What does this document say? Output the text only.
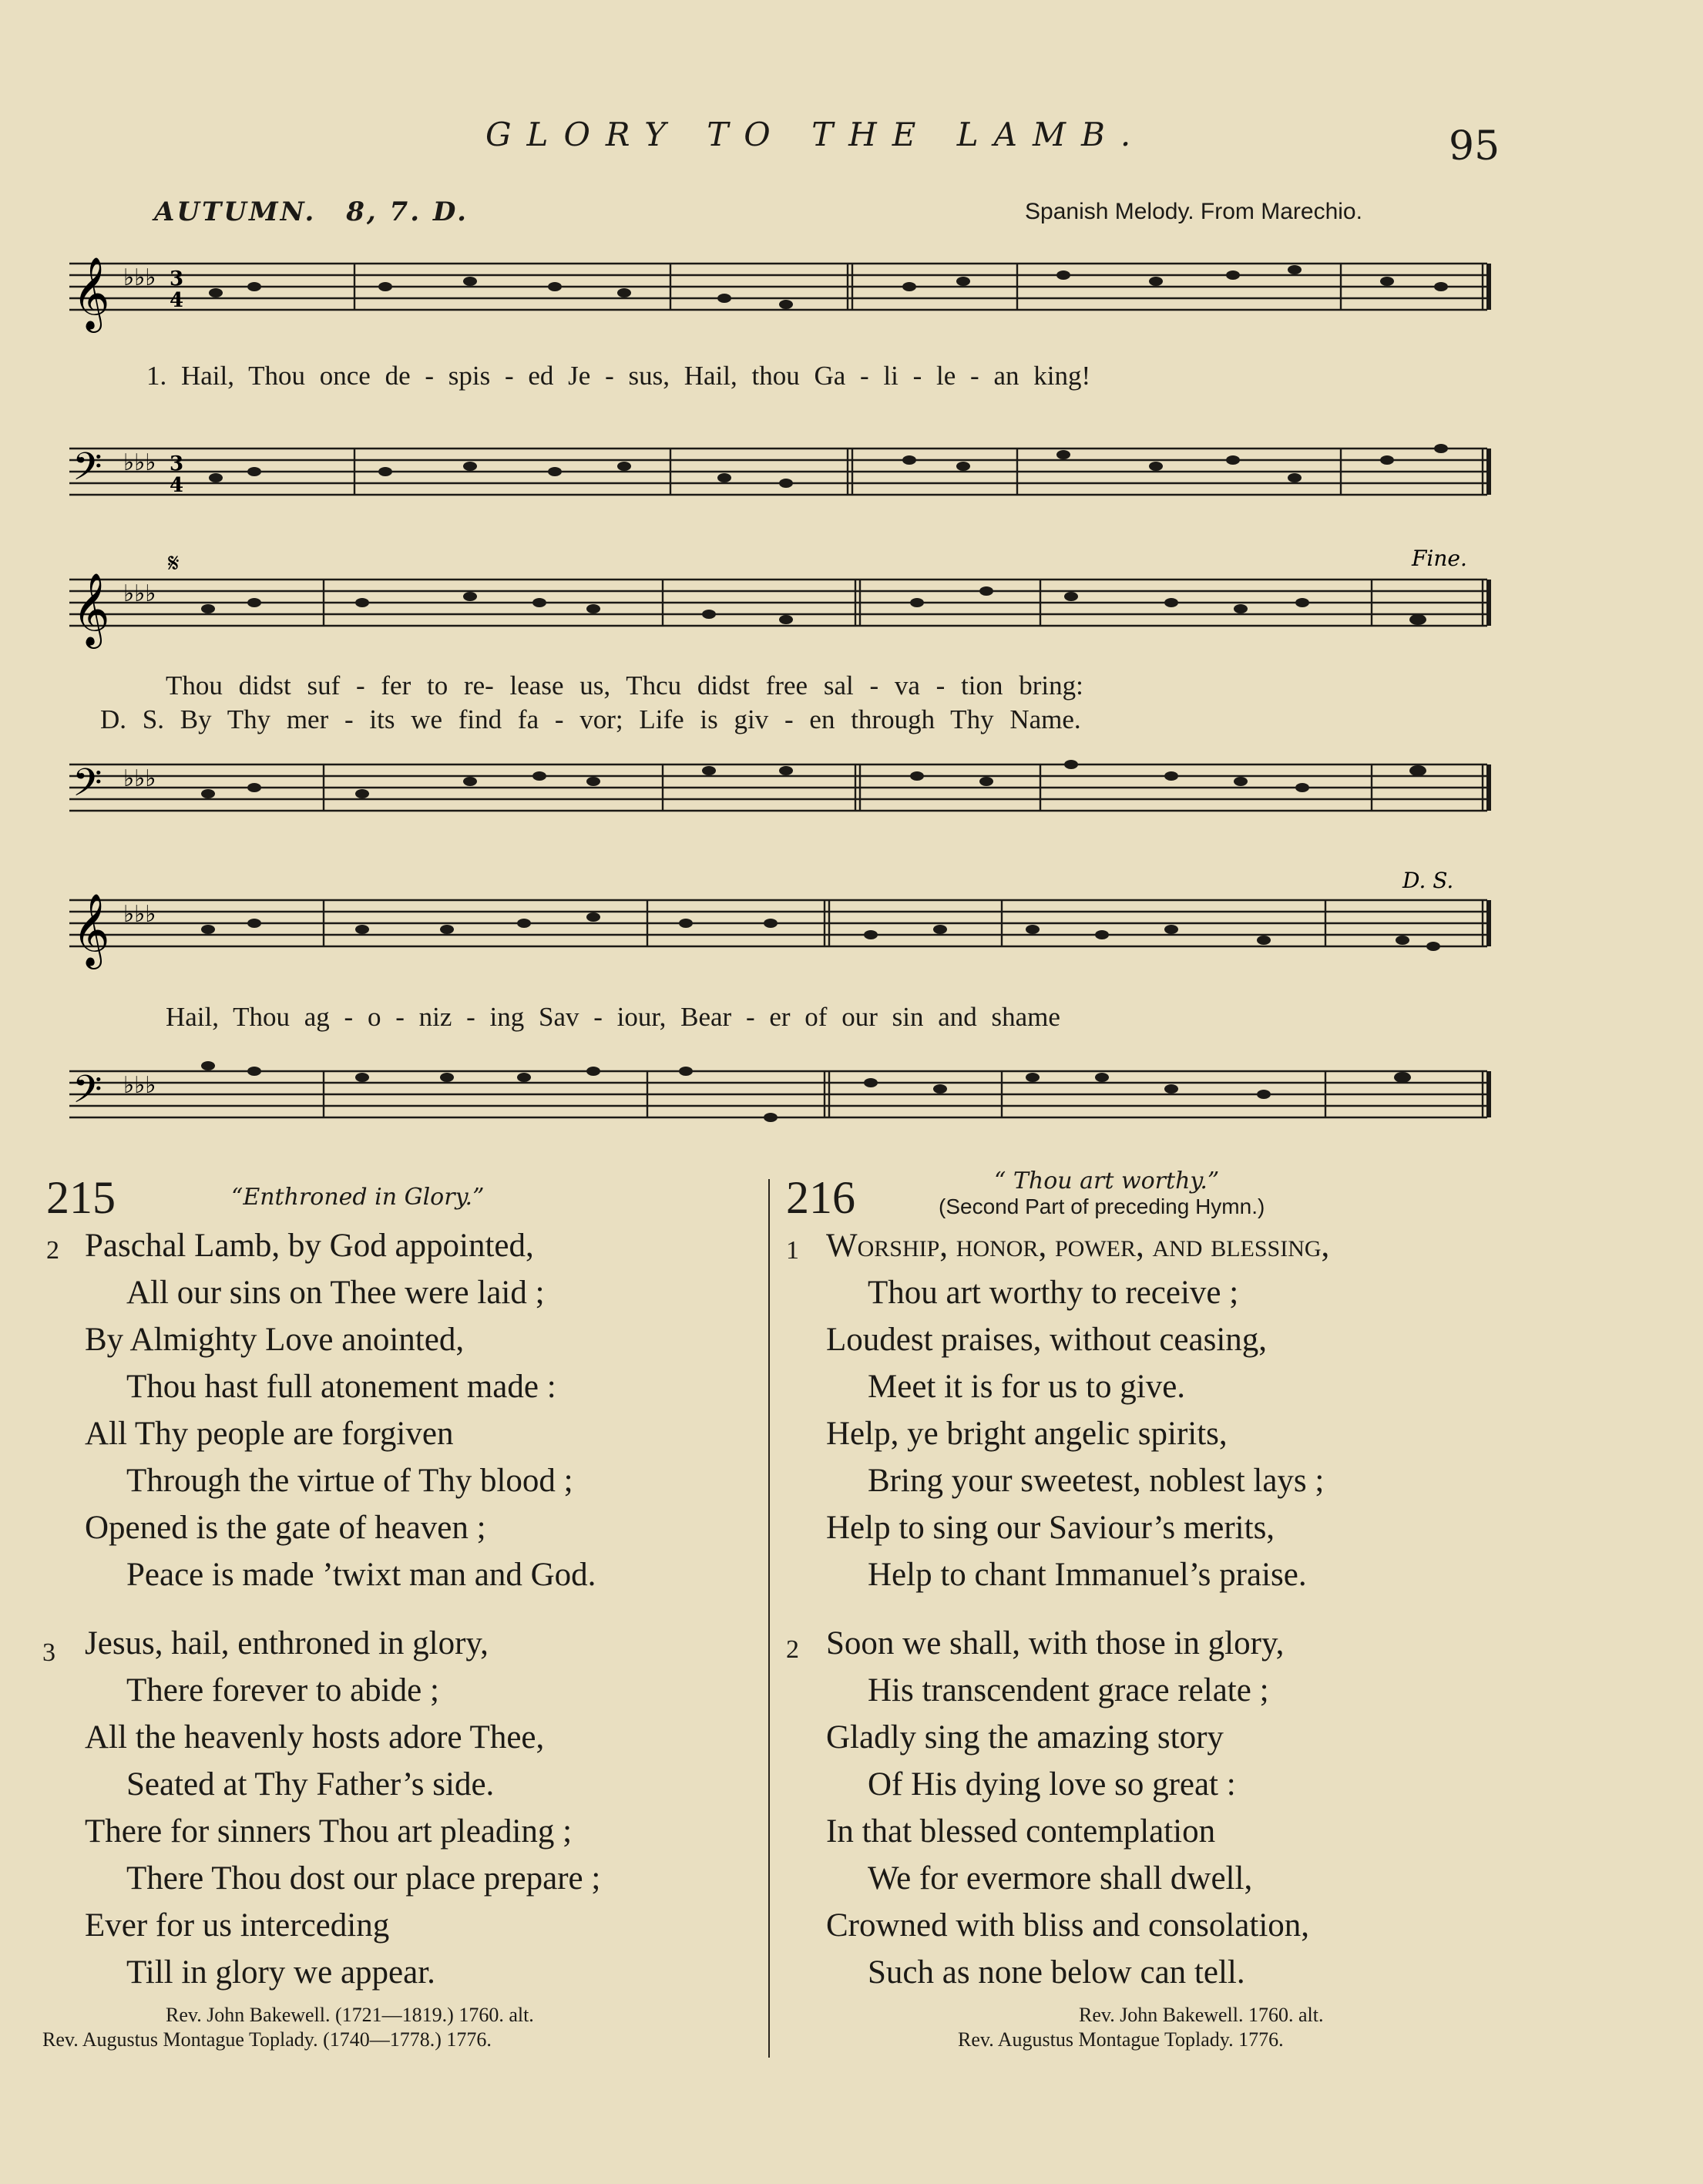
GLORY TO THE LAMB.	95
AUTUMN. 8, 7. D.	Spanish Melody. From Marechio.
𝄞
𝄢
♭♭♭
♭♭♭
3
4
3
4
1. Hail, Thou once de - spis - ed Je - sus, Hail, thou Ga - li - le - an king!
𝄞
𝄢
♭♭♭
♭♭♭
𝄋	Fine.
Thou didst suf - fer to re- lease us, Thcu didst free sal - va - tion bring:
D. S. By Thy mer - its we find fa - vor; Life is giv - en through Thy Name.
𝄞
𝄢
♭♭♭
♭♭♭
D. S.
Hail, Thou ag - o - niz - ing Sav - iour, Bear - er of our sin and shame
215	“Enthroned in Glory.”
2 Paschal Lamb, by God appointed,
All our sins on Thee were laid ;
By Almighty Love anointed,
Thou hast full atonement made :
All Thy people are forgiven
Through the virtue of Thy blood ;
Opened is the gate of heaven ;
Peace is made ’twixt man and God.
3 Jesus, hail, enthroned in glory,
There forever to abide ;
All the heavenly hosts adore Thee,
Seated at Thy Father’s side.
There for sinners Thou art pleading ;
There Thou dost our place prepare ;
Ever for us interceding
Till in glory we appear.
Rev. John Bakewell. (1721—1819.) 1760. alt.
Rev. Augustus Montague Toplady. (1740—1778.) 1776.
216	“ Thou art worthy.”
(Second Part of preceding Hymn.)
1 Worship, honor, power, and blessing,
Thou art worthy to receive ;
Loudest praises, without ceasing,
Meet it is for us to give.
Help, ye bright angelic spirits,
Bring your sweetest, noblest lays ;
Help to sing our Saviour’s merits,
Help to chant Immanuel’s praise.
2 Soon we shall, with those in glory,
His transcendent grace relate ;
Gladly sing the amazing story
Of His dying love so great :
In that blessed contemplation
We for evermore shall dwell,
Crowned with bliss and consolation,
Such as none below can tell.
Rev. John Bakewell. 1760. alt.
Rev. Augustus Montague Toplady. 1776.
